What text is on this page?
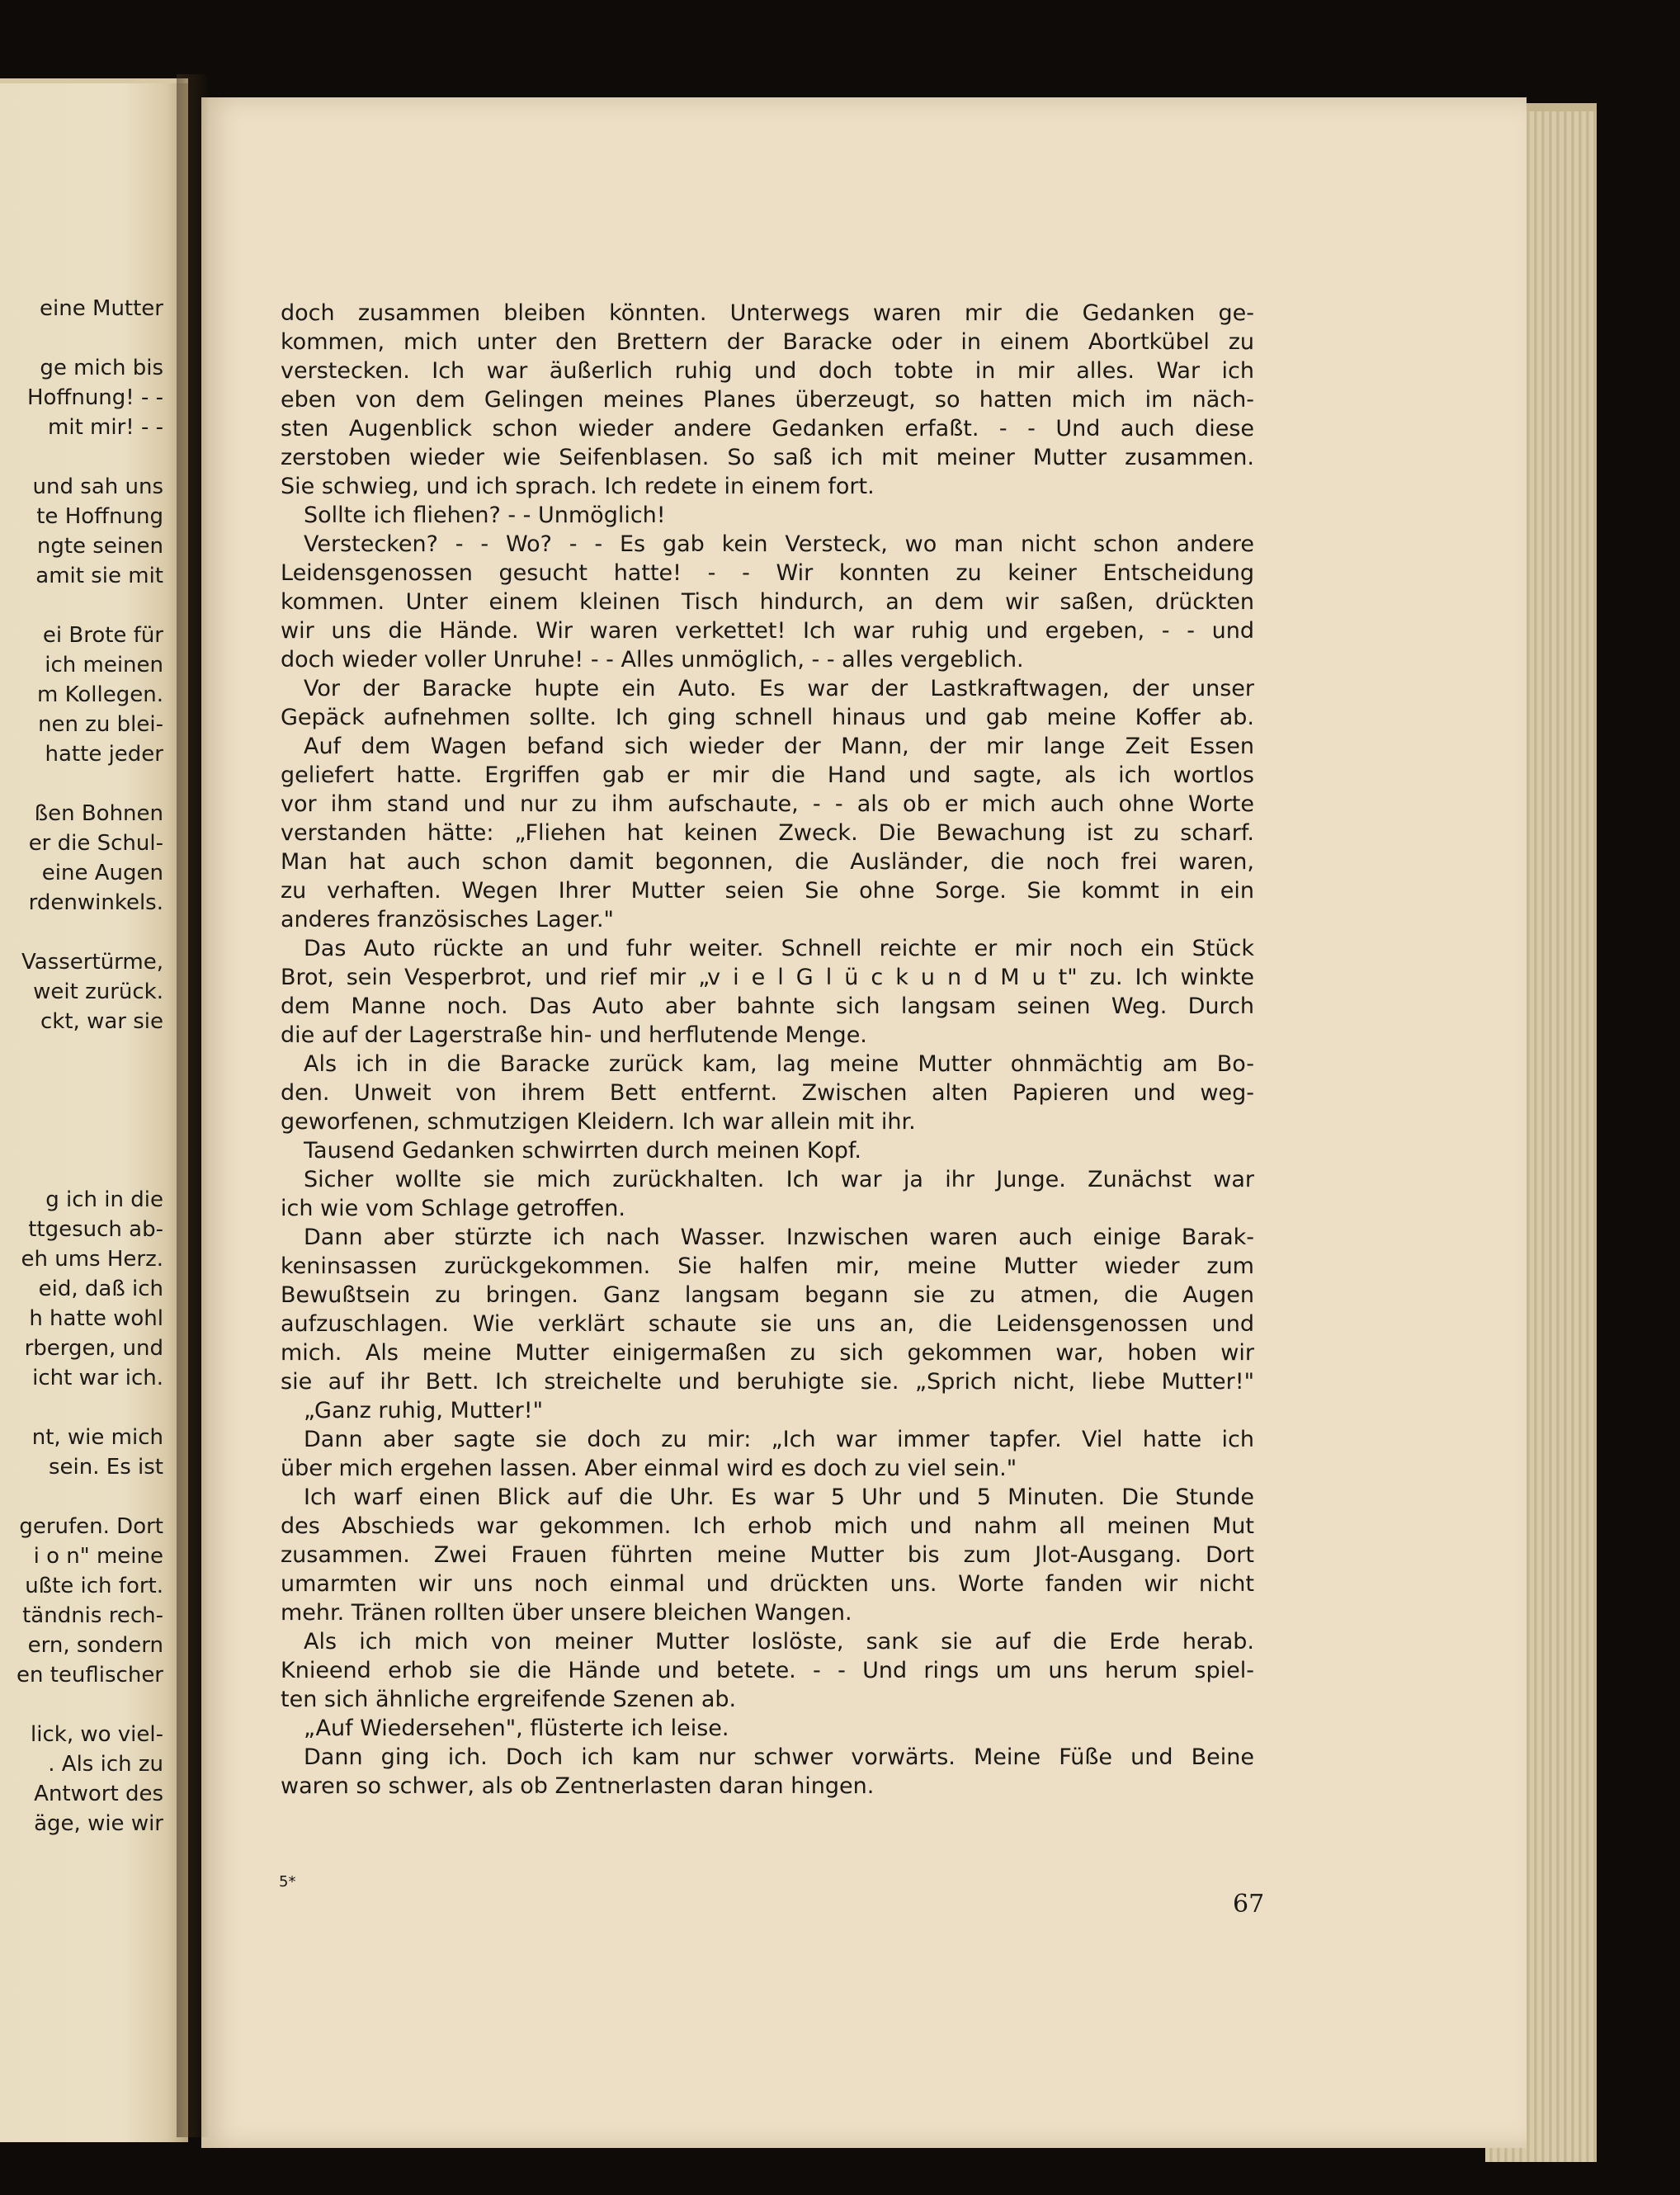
eine Mutter
ge mich bis
Hoffnung! - -
mit mir! - -
und sah uns
te Hoffnung
ngte seinen
amit sie mit
ei Brote für
ich meinen
m Kollegen.
nen zu blei-
hatte jeder
ßen Bohnen
er die Schul-
eine Augen
rdenwinkels.
Vassertürme,
weit zurück.
ckt, war sie
g ich in die
ttgesuch ab-
eh ums Herz.
eid, daß ich
h hatte wohl
rbergen, und
icht war ich.
nt, wie mich
sein. Es ist
gerufen. Dort
i o n" meine
ußte ich fort.
tändnis rech-
ern, sondern
en teuflischer
lick, wo viel-
. Als ich zu
Antwort des
äge, wie wir
doch zusammen bleiben könnten. Unterwegs waren mir die Gedanken ge-
kommen, mich unter den Brettern der Baracke oder in einem Abortkübel zu
verstecken. Ich war äußerlich ruhig und doch tobte in mir alles. War ich
eben von dem Gelingen meines Planes überzeugt, so hatten mich im näch-
sten Augenblick schon wieder andere Gedanken erfaßt. - - Und auch diese
zerstoben wieder wie Seifenblasen. So saß ich mit meiner Mutter zusammen.
Sie schwieg, und ich sprach. Ich redete in einem fort.
Sollte ich fliehen? - - Unmöglich!
Verstecken? - - Wo? - - Es gab kein Versteck, wo man nicht schon andere
Leidensgenossen gesucht hatte! - - Wir konnten zu keiner Entscheidung
kommen. Unter einem kleinen Tisch hindurch, an dem wir saßen, drückten
wir uns die Hände. Wir waren verkettet! Ich war ruhig und ergeben, - - und
doch wieder voller Unruhe! - - Alles unmöglich, - - alles vergeblich.
Vor der Baracke hupte ein Auto. Es war der Lastkraftwagen, der unser
Gepäck aufnehmen sollte. Ich ging schnell hinaus und gab meine Koffer ab.
Auf dem Wagen befand sich wieder der Mann, der mir lange Zeit Essen
geliefert hatte. Ergriffen gab er mir die Hand und sagte, als ich wortlos
vor ihm stand und nur zu ihm aufschaute, - - als ob er mich auch ohne Worte
verstanden hätte: „Fliehen hat keinen Zweck. Die Bewachung ist zu scharf.
Man hat auch schon damit begonnen, die Ausländer, die noch frei waren,
zu verhaften. Wegen Ihrer Mutter seien Sie ohne Sorge. Sie kommt in ein
anderes französisches Lager."
Das Auto rückte an und fuhr weiter. Schnell reichte er mir noch ein Stück
Brot, sein Vesperbrot, und rief mir „v i e l G l ü c k u n d M u t" zu. Ich winkte
dem Manne noch. Das Auto aber bahnte sich langsam seinen Weg. Durch
die auf der Lagerstraße hin- und herflutende Menge.
Als ich in die Baracke zurück kam, lag meine Mutter ohnmächtig am Bo-
den. Unweit von ihrem Bett entfernt. Zwischen alten Papieren und weg-
geworfenen, schmutzigen Kleidern. Ich war allein mit ihr.
Tausend Gedanken schwirrten durch meinen Kopf.
Sicher wollte sie mich zurückhalten. Ich war ja ihr Junge. Zunächst war
ich wie vom Schlage getroffen.
Dann aber stürzte ich nach Wasser. Inzwischen waren auch einige Barak-
keninsassen zurückgekommen. Sie halfen mir, meine Mutter wieder zum
Bewußtsein zu bringen. Ganz langsam begann sie zu atmen, die Augen
aufzuschlagen. Wie verklärt schaute sie uns an, die Leidensgenossen und
mich. Als meine Mutter einigermaßen zu sich gekommen war, hoben wir
sie auf ihr Bett. Ich streichelte und beruhigte sie. „Sprich nicht, liebe Mutter!"
„Ganz ruhig, Mutter!"
Dann aber sagte sie doch zu mir: „Ich war immer tapfer. Viel hatte ich
über mich ergehen lassen. Aber einmal wird es doch zu viel sein."
Ich warf einen Blick auf die Uhr. Es war 5 Uhr und 5 Minuten. Die Stunde
des Abschieds war gekommen. Ich erhob mich und nahm all meinen Mut
zusammen. Zwei Frauen führten meine Mutter bis zum Jlot-Ausgang. Dort
umarmten wir uns noch einmal und drückten uns. Worte fanden wir nicht
mehr. Tränen rollten über unsere bleichen Wangen.
Als ich mich von meiner Mutter loslöste, sank sie auf die Erde herab.
Knieend erhob sie die Hände und betete. - - Und rings um uns herum spiel-
ten sich ähnliche ergreifende Szenen ab.
„Auf Wiedersehen", flüsterte ich leise.
Dann ging ich. Doch ich kam nur schwer vorwärts. Meine Füße und Beine
waren so schwer, als ob Zentnerlasten daran hingen.
5*
67
